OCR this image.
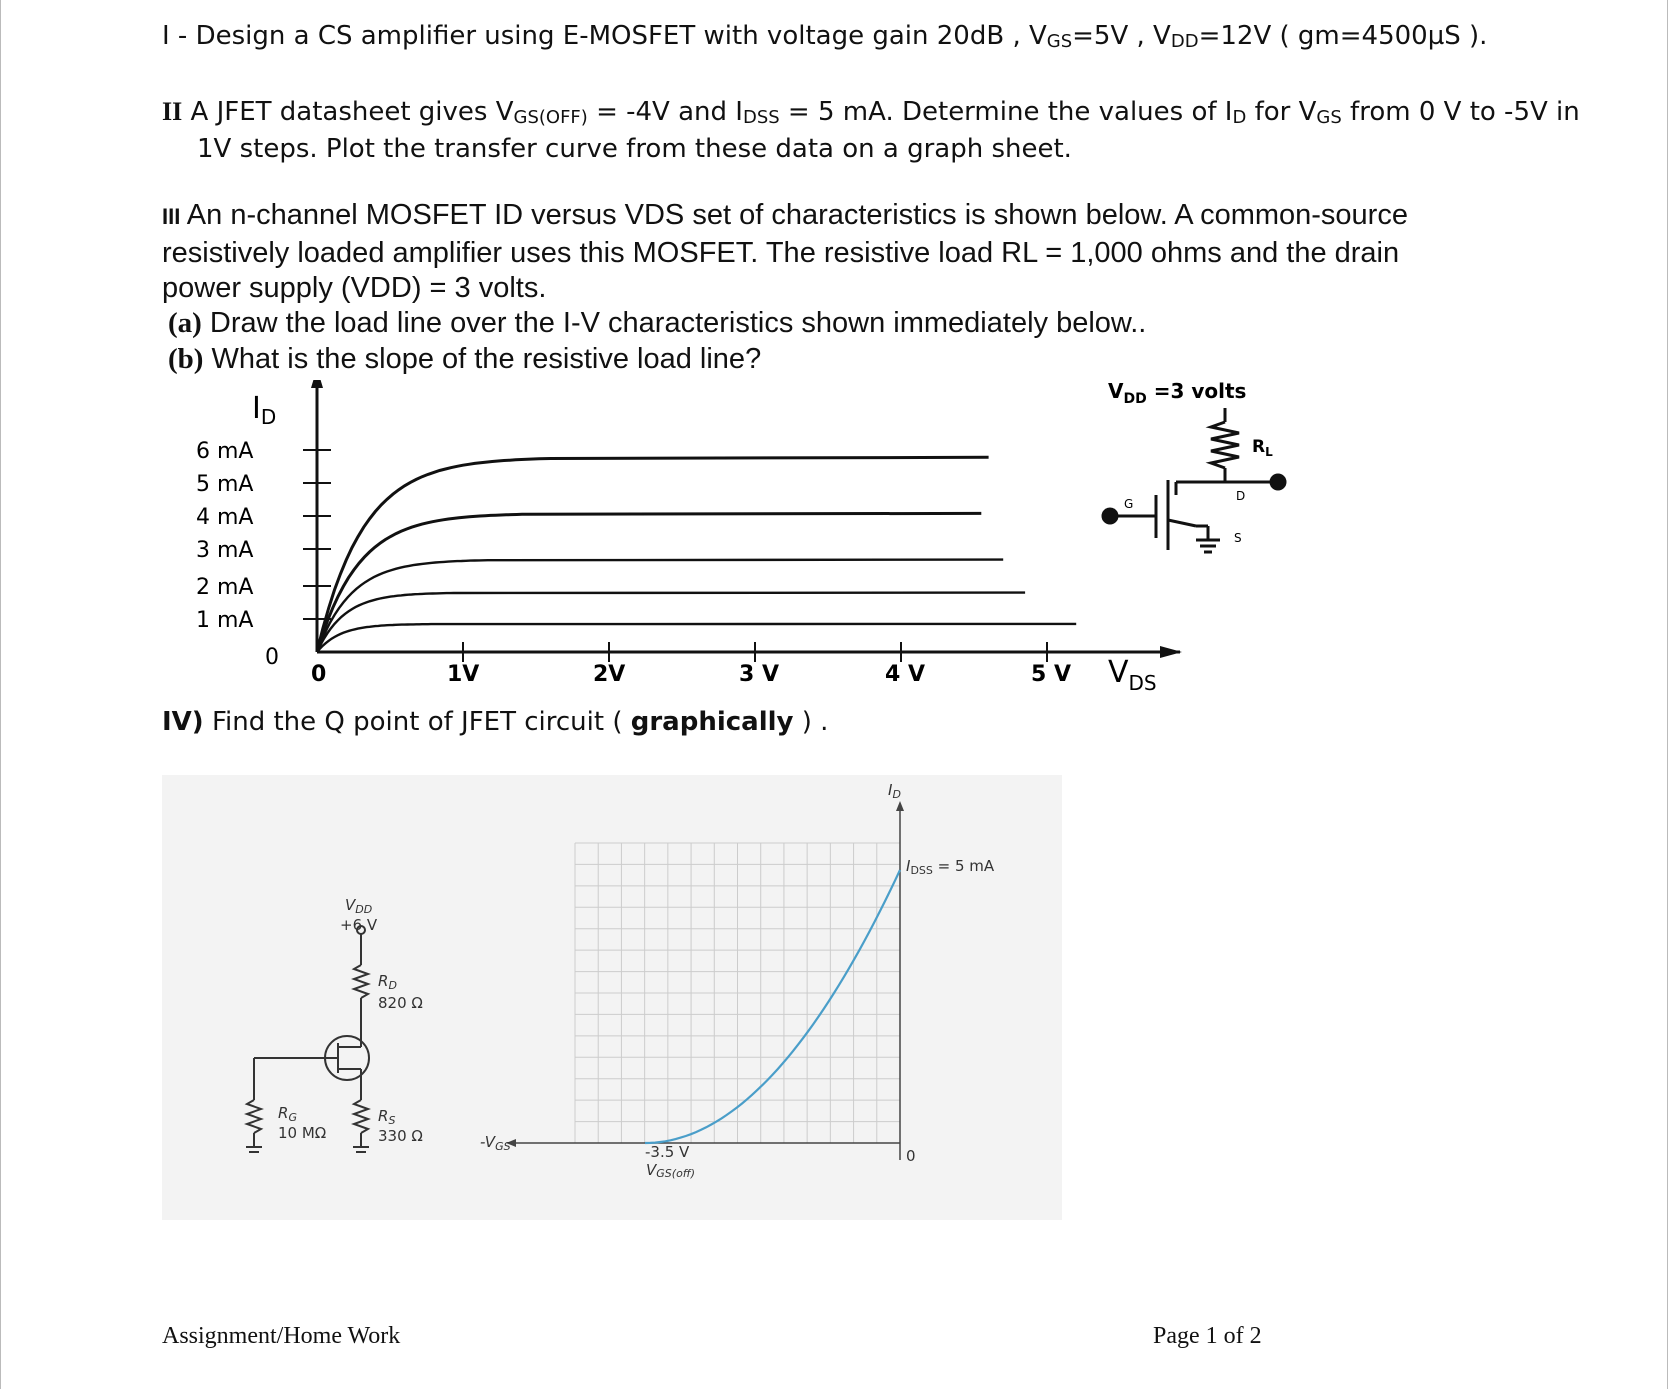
I - Design a CS amplifier using E-MOSFET with voltage gain 20dB , $V_{GS}=5V$ , $V_{DD}=12V$ ( gm=4500µS ).
II A JFET datasheet gives $V_{GS(OFF)} = -4V$ and $I_{DSS} = 5$ mA. Determine the values of $I_D$ for $V_{GS}$ from 0 V to -5V in
1V steps. Plot the transfer curve from these data on a graph sheet.
III An n-channel MOSFET ID versus VDS set of characteristics is shown below. A common-source
resistively loaded amplifier uses this MOSFET. The resistive load RL = 1,000 ohms and the drain
power supply (VDD) = 3 volts.
(a) Draw the load line over the I-V characteristics shown immediately below..
(b) What is the slope of the resistive load line?
0
1 mA
2 mA
3 mA
4 mA
5 mA
6 mA
0	1V	2V	3 V	4 V	5 V
$I_D$
$V_{DS}$
$V_{DD} =3$ volts
$R_L$
G
D
S
IV) Find the Q point of JFET circuit ( graphically ) .
$V_{DD}$
+6 V
$R_D$
820 Ω
$R_S$
330 Ω
$R_G$
10 MΩ
$I_D$
$I_{DSS} = 5$ mA
$-V_{GS}$
0
-3.5 V
VGS(off)
Assignment/Home Work	Page 1 of 2
